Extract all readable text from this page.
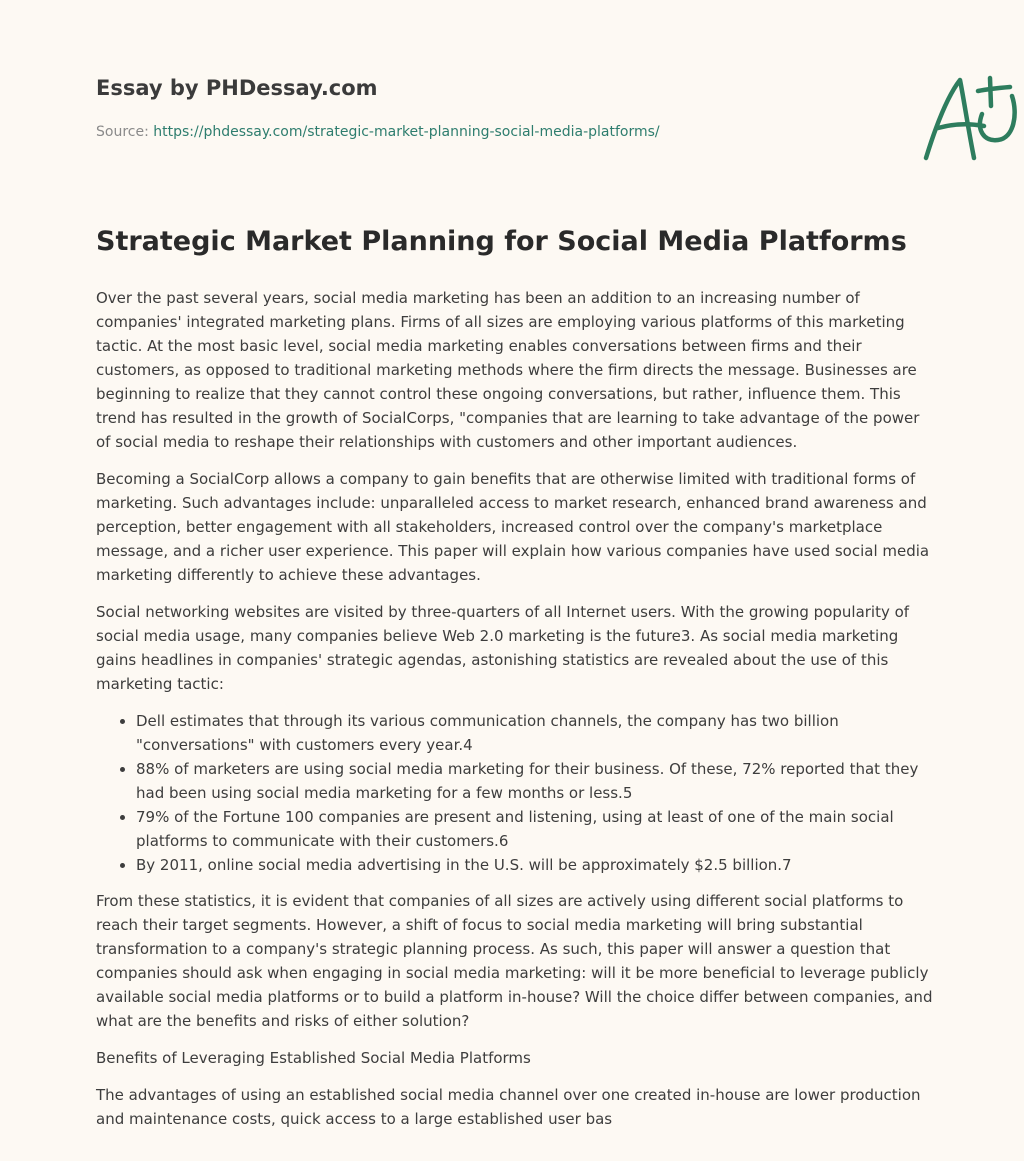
Essay by PHDessay.com
Source: https://phdessay.com/strategic-market-planning-social-media-platforms/
Strategic Market Planning for Social Media Platforms

Over the past several years, social media marketing has been an addition to an increasing number of companies' integrated marketing plans. Firms of all sizes are employing various platforms of this marketing tactic. At the most basic level, social media marketing enables conversations between firms and their customers, as opposed to traditional marketing methods where the firm directs the message. Businesses are beginning to realize that they cannot control these ongoing conversations, but rather, influence them. This trend has resulted in the growth of SocialCorps, "companies that are learning to take advantage of the power of social media to reshape their relationships with customers and other important audiences.

Becoming a SocialCorp allows a company to gain benefits that are otherwise limited with traditional forms of marketing. Such advantages include: unparalleled access to market research, enhanced brand awareness and perception, better engagement with all stakeholders, increased control over the company's marketplace message, and a richer user experience. This paper will explain how various companies have used social media marketing differently to achieve these advantages.

Social networking websites are visited by three-quarters of all Internet users. With the growing popularity of social media usage, many companies believe Web 2.0 marketing is the future3. As social media marketing gains headlines in companies' strategic agendas, astonishing statistics are revealed about the use of this marketing tactic:

• Dell estimates that through its various communication channels, the company has two billion "conversations" with customers every year.4
• 88% of marketers are using social media marketing for their business. Of these, 72% reported that they had been using social media marketing for a few months or less.5
• 79% of the Fortune 100 companies are present and listening, using at least of one of the main social platforms to communicate with their customers.6
• By 2011, online social media advertising in the U.S. will be approximately $2.5 billion.7

From these statistics, it is evident that companies of all sizes are actively using different social platforms to reach their target segments. However, a shift of focus to social media marketing will bring substantial transformation to a company's strategic planning process. As such, this paper will answer a question that companies should ask when engaging in social media marketing: will it be more beneficial to leverage publicly available social media platforms or to build a platform in-house? Will the choice differ between companies, and what are the benefits and risks of either solution?

Benefits of Leveraging Established Social Media Platforms

The advantages of using an established social media channel over one created in-house are lower production and maintenance costs, quick access to a large established user bas
